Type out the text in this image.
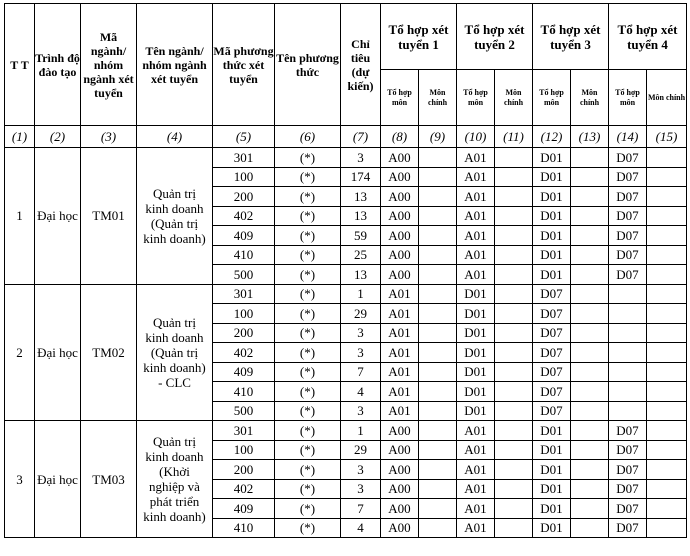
T T	Trình độ đào tạo	Mã ngành/ nhóm ngành xét tuyển	Tên ngành/ nhóm ngành xét tuyển	Mã phương thức xét tuyển	Tên phương thức	Chỉ tiêu (dự kiến)	Tổ hợp xét tuyển 1		Tổ hợp xét tuyển 2		Tổ hợp xét tuyển 3		Tổ hợp xét tuyển 4	
							Tổ hợp môn	Môn chính	Tổ hợp môn	Môn chính	Tổ hợp môn	Môn chính	Tổ hợp môn	Môn chính
(1)	(2)	(3)	(4)	(5)	(6)	(7)	(8)	(9)	(10)	(11)	(12)	(13)	(14)	(15)
1	Đại học	TM01	Quản trị kinh doanh (Quản trị kinh doanh)	301	(*)	3	A00		A01		D01		D07	
				100	(*)	174	A00		A01		D01		D07	
				200	(*)	13	A00		A01		D01		D07	
				402	(*)	13	A00		A01		D01		D07	
				409	(*)	59	A00		A01		D01		D07	
				410	(*)	25	A00		A01		D01		D07	
				500	(*)	13	A00		A01		D01		D07	
2	Đại học	TM02	Quản trị kinh doanh (Quản trị kinh doanh) - CLC	301	(*)	1	A01		D01		D07			
				100	(*)	29	A01		D01		D07			
				200	(*)	3	A01		D01		D07			
				402	(*)	3	A01		D01		D07			
				409	(*)	7	A01		D01		D07			
				410	(*)	4	A01		D01		D07			
				500	(*)	3	A01		D01		D07			
3	Đại học	TM03	Quản trị kinh doanh (Khởi nghiệp và phát triển kinh doanh)	301	(*)	1	A00		A01		D01		D07	
				100	(*)	29	A00		A01		D01		D07	
				200	(*)	3	A00		A01		D01		D07	
				402	(*)	3	A00		A01		D01		D07	
				409	(*)	7	A00		A01		D01		D07	
				410	(*)	4	A00		A01		D01		D07	
